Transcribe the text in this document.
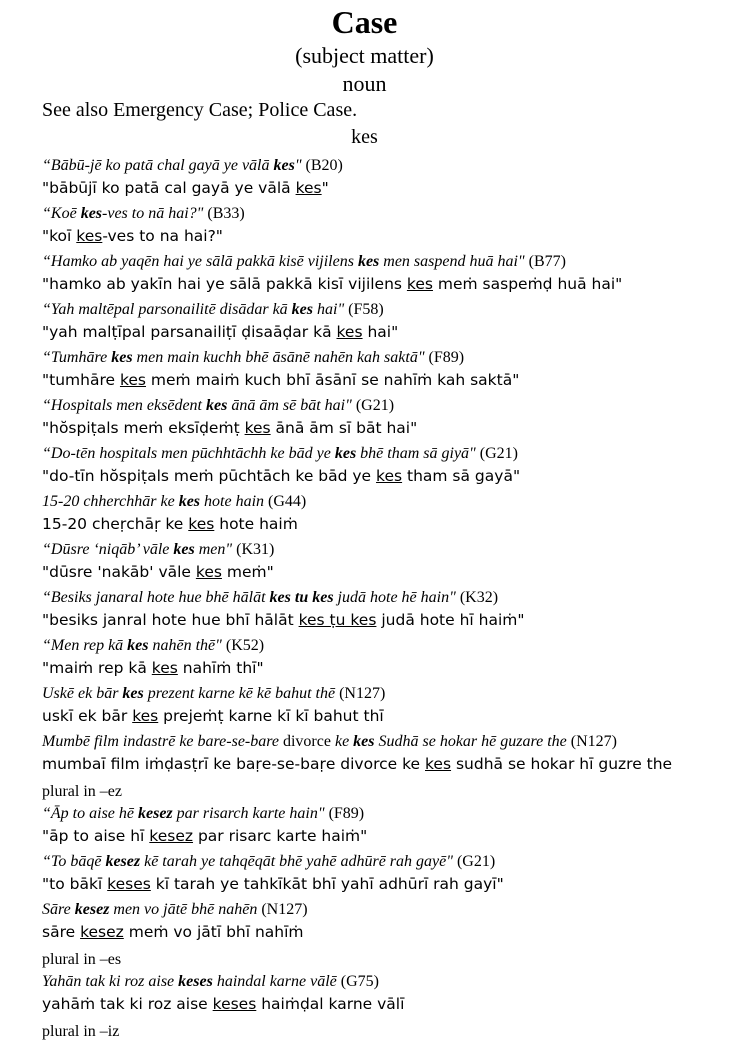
Case
(subject matter)
noun
See also Emergency Case; Police Case.
kes
“Bābū-jē ko patā chal gayā ye vālā kes" (B20)
"bābūjī ko patā cal gayā ye vālā kes"
“Koē kes-ves to nā hai?" (B33)
"koī kes-ves to na hai?"
“Hamko ab yaqēn hai ye sālā pakkā kisē vijilens kes men saspend huā hai" (B77)
"hamko ab yakīn hai ye sālā pakkā kisī vijilens kes meṁ saspeṁḍ huā hai"
“Yah maltēpal parsonailitē disādar kā kes hai" (F58)
"yah malṭīpal parsanailiṭī ḍisaāḍar kā kes hai"
“Tumhāre kes men main kuchh bhē āsānē nahēn kah saktā" (F89)
"tumhāre kes meṁ maiṁ kuch bhī āsānī se nahīṁ kah saktā"
“Hospitals men eksēdent kes ānā ām sē bāt hai" (G21)
"hŏspiṭals meṁ eksīḍeṁṭ kes ānā ām sī bāt hai"
“Do-tēn hospitals men pūchhtāchh ke bād ye kes bhē tham sā giyā" (G21)
"do-tīn hŏspiṭals meṁ pūchtāch ke bād ye kes tham sā gayā"
15-20 chherchhār ke kes hote hain (G44)
15-20 cheṛchāṛ ke kes hote haiṁ
“Dūsre ‘niqāb’ vāle kes men" (K31)
"dūsre 'nakāb' vāle kes meṁ"
“Besiks janaral hote hue bhē hālāt kes tu kes judā hote hē hain" (K32)
"besiks janral hote hue bhī hālāt kes ṭu kes judā hote hī haiṁ"
“Men rep kā kes nahēn thē" (K52)
"maiṁ rep kā kes nahīṁ thī"
Uskē ek bār kes prezent karne kē kē bahut thē (N127)
uskī ek bār kes prejeṁṭ karne kī kī bahut thī
Mumbē film indastrē ke bare-se-bare divorce ke kes Sudhā se hokar hē guzare the (N127)
mumbaī film iṁḍasṭrī ke baṛe-se-baṛe divorce ke kes sudhā se hokar hī guzre the
plural in –ez
“Āp to aise hē kesez par risarch karte hain" (F89)
"āp to aise hī kesez par risarc karte haiṁ"
“To bāqē kesez kē tarah ye tahqēqāt bhē yahē adhūrē rah gayē" (G21)
"to bākī keses kī tarah ye tahkīkāt bhī yahī adhūrī rah gayī"
Sāre kesez men vo jātē bhē nahēn (N127)
sāre kesez meṁ vo jātī bhī nahīṁ
plural in –es
Yahān tak ki roz aise keses haindal karne vālē (G75)
yahāṁ tak ki roz aise keses haiṁḍal karne vālī
plural in –iz
